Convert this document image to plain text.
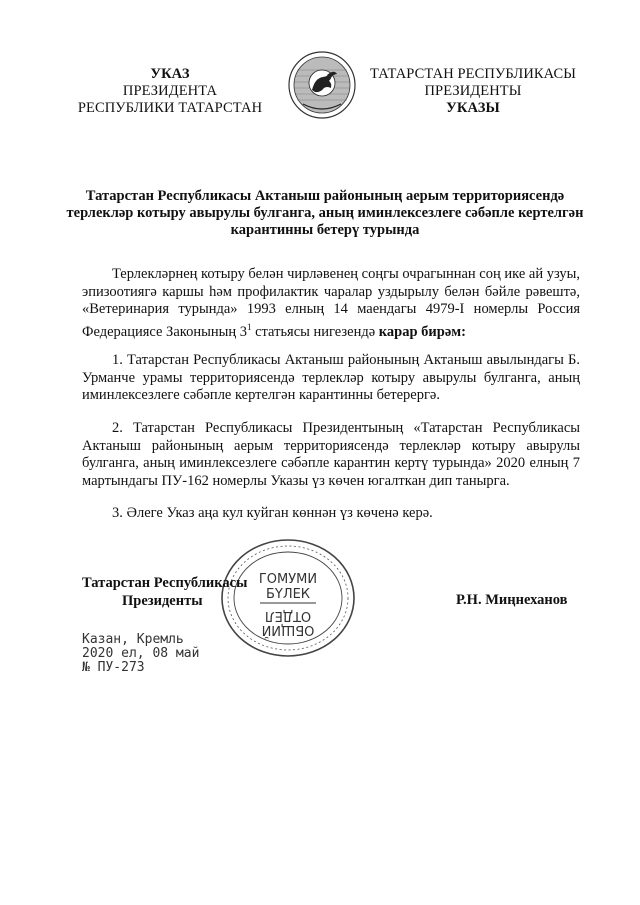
УКАЗ
ПРЕЗИДЕНТА
РЕСПУБЛИКИ ТАТАРСТАН
ТАТАРСТАН РЕСПУБЛИКАСЫ
ПРЕЗИДЕНТЫ
УКАЗЫ
Татарстан Республикасы Актаныш районының аерым территориясендә терлекләр котыру авырулы булганга, аның иминлексезлеге сәбәпле кертелгән карантинны бетерү турында

Терлекләрнең котыру белән чирләвенең соңгы очрагыннан соң ике ай узуы, эпизоотиягә каршы һәм профилактик чаралар уздырылу белән бәйле рәвештә, «Ветеринария турында» 1993 елның 14 маендагы 4979-I номерлы Россия Федерациясе Законының $3^1$ статьясы нигезендә карар бирәм:

1. Татарстан Республикасы Актаныш районының Актаныш авылындагы Б. Урманче урамы территориясендә терлекләр котыру авырулы булганга, аның иминлексезлеге сәбәпле кертелгән карантинны бетерергә.

2. Татарстан Республикасы Президентының «Татарстан Республикасы Актаныш районының аерым территориясендә терлекләр котыру авырулы булганга, аның иминлексезлеге сәбәпле карантин кертү турында» 2020 елның 7 мартындагы ПУ-162 номерлы Указы үз көчен югалткан дип танырга.

3. Әлеге Указ аңа кул куйган көннән үз көченә керә.

ГОМУМИ
БҮЛЕК
ОТДЕЛ
ОБЩИЙ
Татарстан Республикасы
Президенты	Р.Н. Миңнеханов
Казан, Кремль
2020 ел, 08 май
№ ПУ-273
